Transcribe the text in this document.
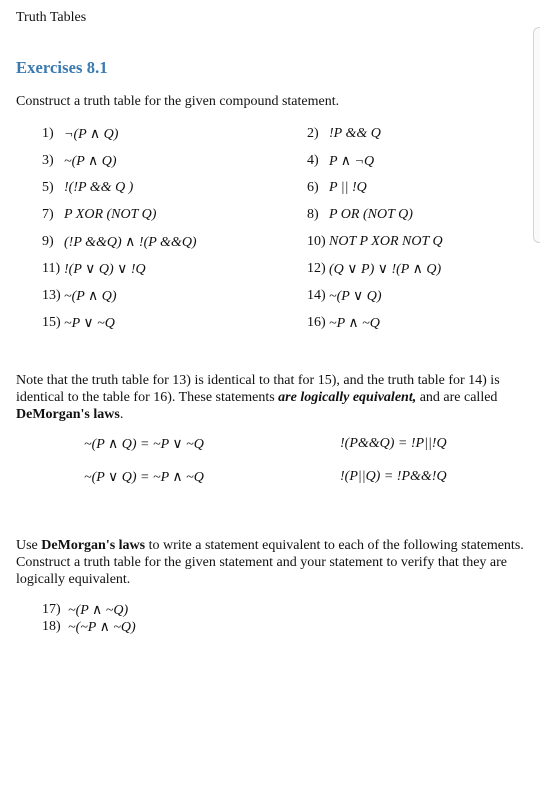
Truth Tables
Exercises 8.1
Construct a truth table for the given compound statement.
1) ¬(P ∧ Q)	2) !P && Q
3) ~(P ∧ Q)	4) P ∧ ¬Q
5) !(!P && Q )	6) P || !Q
7) P XOR (NOT Q)	8) P OR (NOT Q)
9) (!P &&Q) ∧ !(P &&Q)	10) NOT P XOR NOT Q
11) !(P ∨ Q) ∨ !Q	12) (Q ∨ P) ∨ !(P ∧ Q)
13) ~(P ∧ Q)	14) ~(P ∨ Q)
15) ~P ∨ ~Q	16) ~P ∧ ~Q
Note that the truth table for 13) is identical to that for 15), and the truth table for 14) is identical to the table for 16). These statements are logically equivalent, and are called DeMorgan's laws.
~(P ∧ Q) = ~P ∨ ~Q	!(P&&Q) = !P||!Q
~(P ∨ Q) = ~P ∧ ~Q	!(P||Q) = !P&&!Q
Use DeMorgan's laws to write a statement equivalent to each of the following statements. Construct a truth table for the given statement and your statement to verify that they are logically equivalent.
17) ~(P ∧ ~Q)
18) ~(~P ∧ ~Q)
